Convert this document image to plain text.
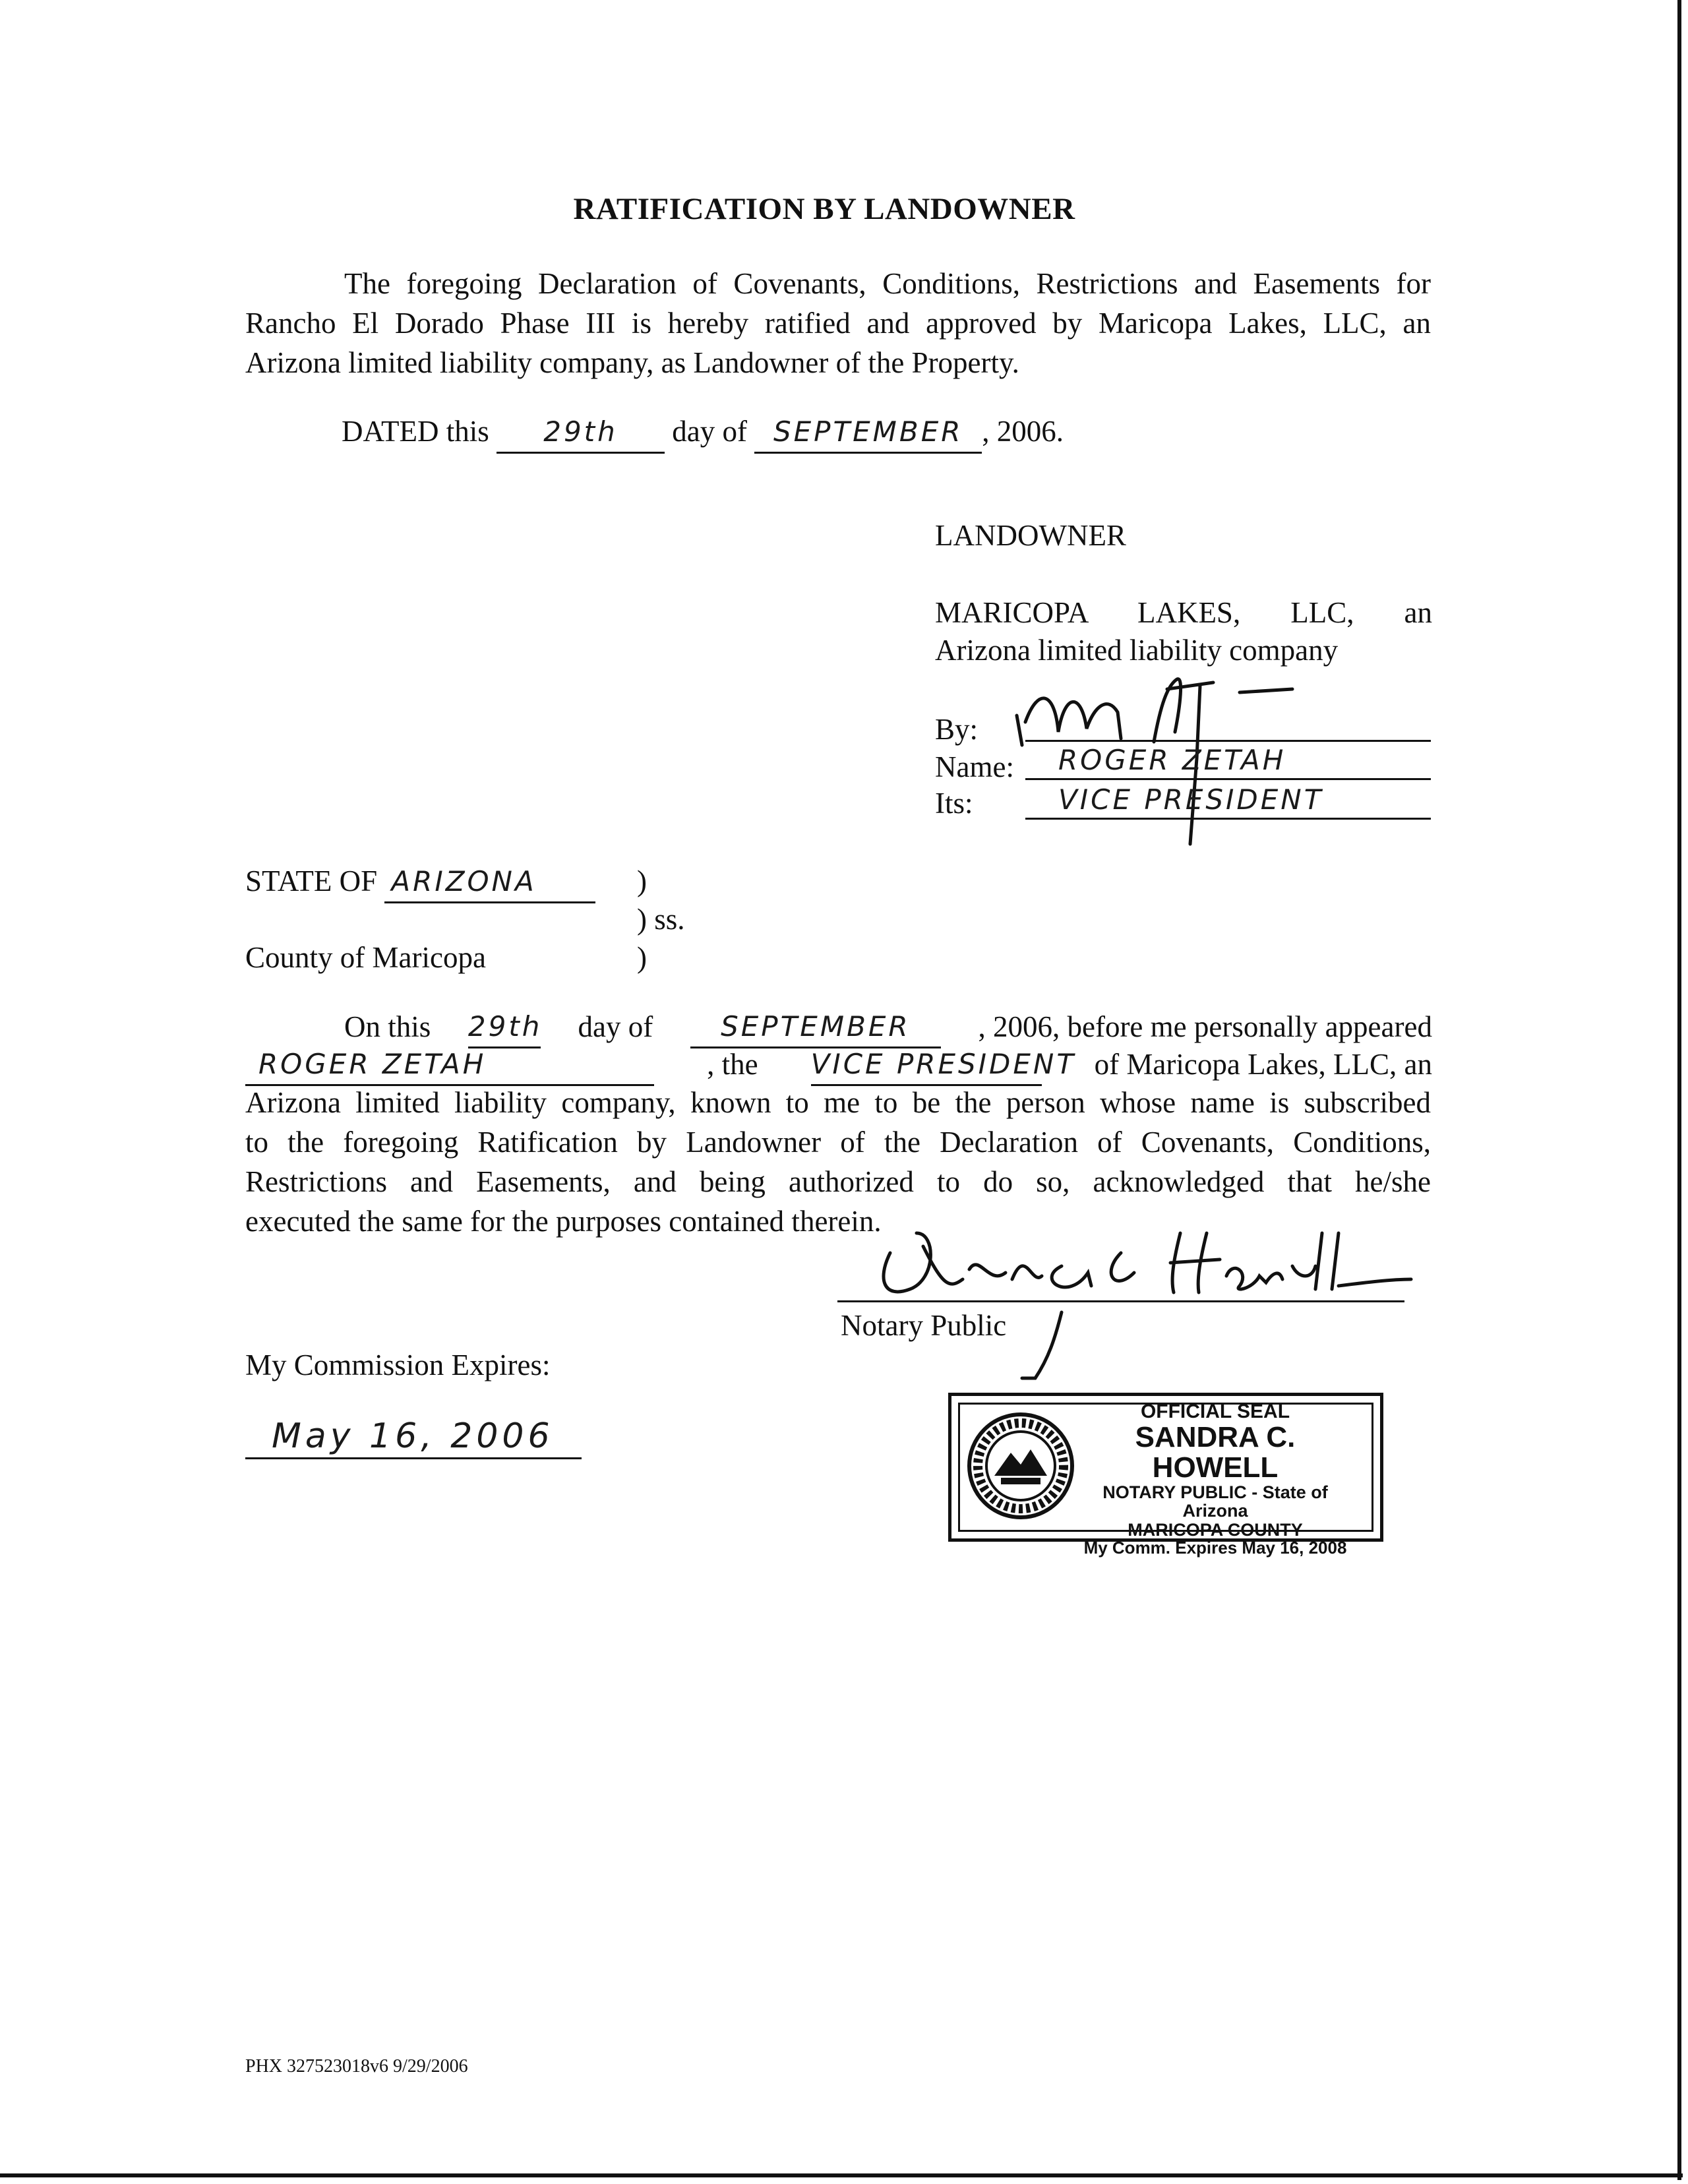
RATIFICATION BY LANDOWNER
The foregoing Declaration of Covenants, Conditions, Restrictions and Easements for
Rancho El Dorado Phase III is hereby ratified and approved by Maricopa Lakes, LLC, an
Arizona limited liability company, as Landowner of the Property.
DATED this 29th day of SEPTEMBER , 2006.
LANDOWNER
MARICOPA LAKES, LLC, an
Arizona limited liability company
By:
Name: ROGER ZETAH
Its:	VICE PRESIDENT
STATE OF ARIZONA	)
) ss.
County of Maricopa	)
On this 29th day of	SEPTEMBER	, 2006, before me personally appeared
ROGER ZETAH	, the VICE PRESIDENT of Maricopa Lakes, LLC, an
Arizona limited liability company, known to me to be the person whose name is subscribed
to the foregoing Ratification by Landowner of the Declaration of Covenants, Conditions,
Restrictions and Easements, and being authorized to do so, acknowledged that he/she
executed the same for the purposes contained therein.
Notary Public
My Commission Expires:
May 16, 2006
OFFICIAL SEAL
SANDRA C. HOWELL
NOTARY PUBLIC - State of Arizona
MARICOPA COUNTY
My Comm. Expires May 16, 2008
PHX 327523018v6 9/29/2006
